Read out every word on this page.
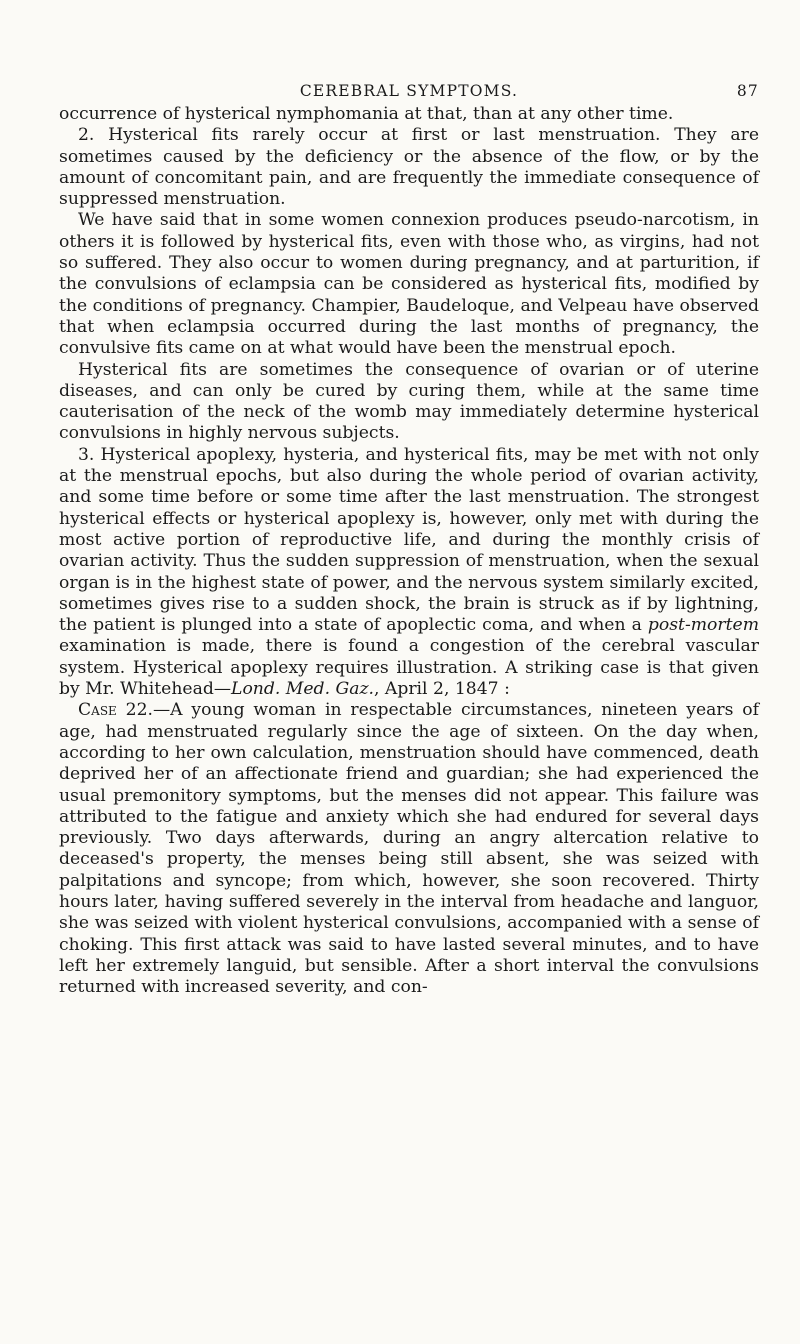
CEREBRAL SYMPTOMS.	87

occurrence of hysterical nymphomania at that, than at any other time.

2. Hysterical fits rarely occur at first or last menstruation. They are sometimes caused by the deficiency or the absence of the flow, or by the amount of concomitant pain, and are frequently the immediate consequence of suppressed menstruation.

We have said that in some women connexion produces pseudo-narcotism, in others it is followed by hysterical fits, even with those who, as virgins, had not so suffered. They also occur to women during pregnancy, and at parturition, if the convulsions of eclampsia can be considered as hysterical fits, modified by the conditions of pregnancy. Champier, Baudeloque, and Velpeau have observed that when eclampsia occurred during the last months of pregnancy, the convulsive fits came on at what would have been the menstrual epoch.

Hysterical fits are sometimes the consequence of ovarian or of uterine diseases, and can only be cured by curing them, while at the same time cauterisation of the neck of the womb may immediately determine hysterical convulsions in highly nervous subjects.

3. Hysterical apoplexy, hysteria, and hysterical fits, may be met with not only at the menstrual epochs, but also during the whole period of ovarian activity, and some time before or some time after the last menstruation. The strongest hysterical effects or hysterical apoplexy is, however, only met with during the most active portion of reproductive life, and during the monthly crisis of ovarian activity. Thus the sudden suppression of menstruation, when the sexual organ is in the highest state of power, and the nervous system similarly excited, sometimes gives rise to a sudden shock, the brain is struck as if by lightning, the patient is plunged into a state of apoplectic coma, and when a post-mortem examination is made, there is found a congestion of the cerebral vascular system. Hysterical apoplexy requires illustration. A striking case is that given by Mr. Whitehead—Lond. Med. Gaz., April 2, 1847 :

Case 22.—A young woman in respectable circumstances, nineteen years of age, had menstruated regularly since the age of sixteen. On the day when, according to her own calculation, menstruation should have commenced, death deprived her of an affectionate friend and guardian; she had experienced the usual premonitory symptoms, but the menses did not appear. This failure was attributed to the fatigue and anxiety which she had endured for several days previously. Two days afterwards, during an angry altercation relative to deceased's property, the menses being still absent, she was seized with palpitations and syncope; from which, however, she soon recovered. Thirty hours later, having suffered severely in the interval from headache and languor, she was seized with violent hysterical convulsions, accompanied with a sense of choking. This first attack was said to have lasted several minutes, and to have left her extremely languid, but sensible. After a short interval the convulsions returned with increased severity, and con-
